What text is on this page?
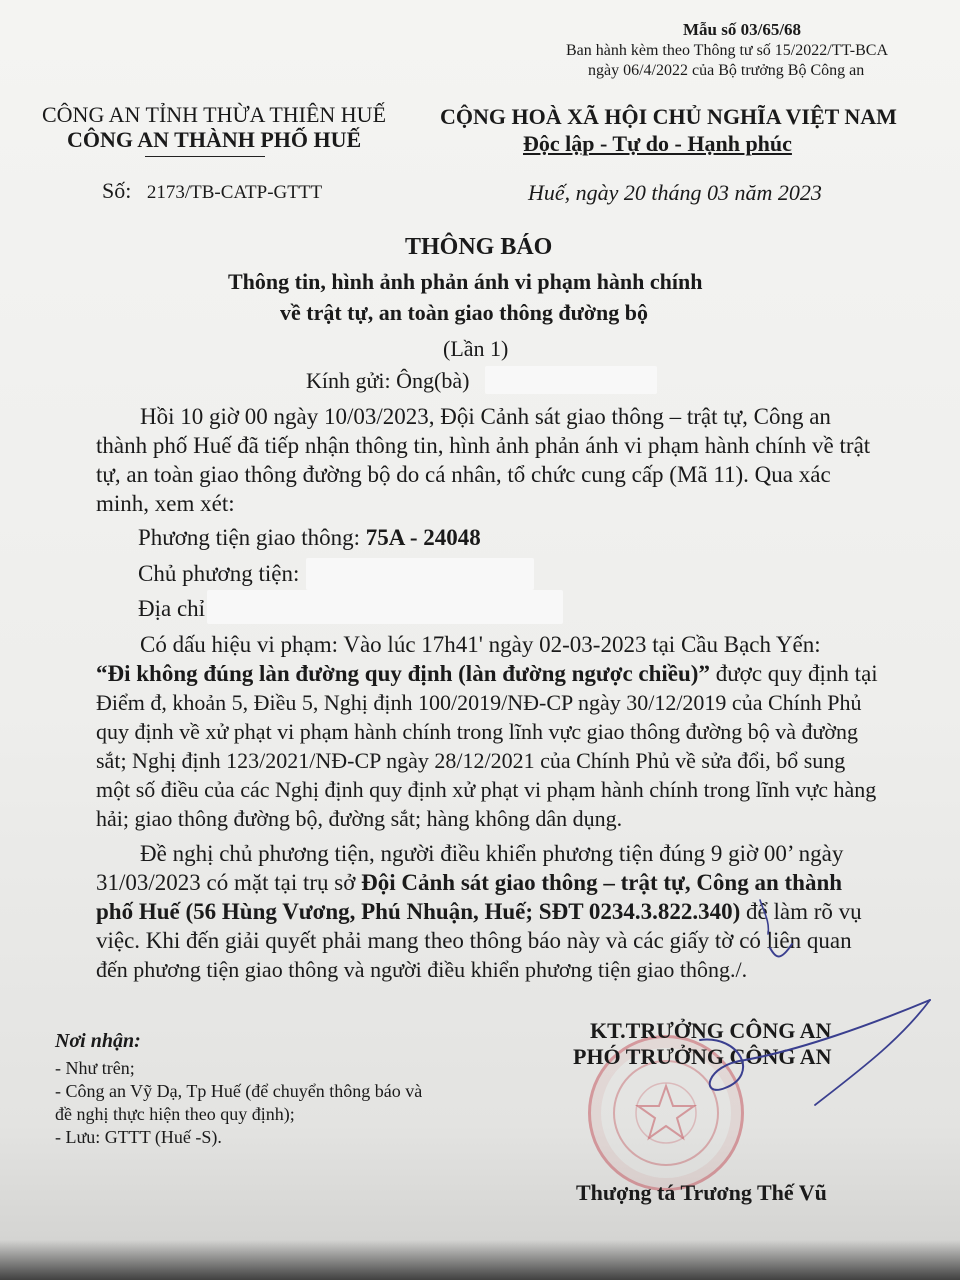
Mẫu số 03/65/68
Ban hành kèm theo Thông tư số 15/2022/TT-BCA
ngày 06/4/2022 của Bộ trưởng Bộ Công an
CÔNG AN TỈNH THỪA THIÊN HUẾ
CÔNG AN THÀNH PHỐ HUẾ
Số: 2173/TB-CATP-GTTT
CỘNG HOÀ XÃ HỘI CHỦ NGHĨA VIỆT NAM
Độc lập - Tự do - Hạnh phúc
Huế, ngày 20 tháng 03 năm 2023
THÔNG BÁO
Thông tin, hình ảnh phản ánh vi phạm hành chính
về trật tự, an toàn giao thông đường bộ
(Lần 1)
Kính gửi: Ông(bà)
Hồi 10 giờ 00 ngày 10/03/2023, Đội Cảnh sát giao thông – trật tự, Công an
thành phố Huế đã tiếp nhận thông tin, hình ảnh phản ánh vi phạm hành chính về trật
tự, an toàn giao thông đường bộ do cá nhân, tổ chức cung cấp (Mã 11). Qua xác
minh, xem xét:
Phương tiện giao thông: 75A - 24048
Chủ phương tiện:
Địa chỉ
Có dấu hiệu vi phạm: Vào lúc 17h41' ngày 02-03-2023 tại Cầu Bạch Yến:
“Đi không đúng làn đường quy định (làn đường ngược chiều)” được quy định tại
Điểm đ, khoản 5, Điều 5, Nghị định 100/2019/NĐ-CP ngày 30/12/2019 của Chính Phủ
quy định về xử phạt vi phạm hành chính trong lĩnh vực giao thông đường bộ và đường
sắt; Nghị định 123/2021/NĐ-CP ngày 28/12/2021 của Chính Phủ về sửa đổi, bổ sung
một số điều của các Nghị định quy định xử phạt vi phạm hành chính trong lĩnh vực hàng
hải; giao thông đường bộ, đường sắt; hàng không dân dụng.
Đề nghị chủ phương tiện, người điều khiển phương tiện đúng 9 giờ 00’ ngày
31/03/2023 có mặt tại trụ sở Đội Cảnh sát giao thông – trật tự, Công an thành
phố Huế (56 Hùng Vương, Phú Nhuận, Huế; SĐT 0234.3.822.340) để làm rõ vụ
việc. Khi đến giải quyết phải mang theo thông báo này và các giấy tờ có liên quan
đến phương tiện giao thông và người điều khiển phương tiện giao thông./.
Nơi nhận:
- Như trên;
- Công an Vỹ Dạ, Tp Huế (để chuyển thông báo và
đề nghị thực hiện theo quy định);
- Lưu: GTTT (Huế -S).
KT.TRƯỞNG CÔNG AN
PHÓ TRƯỞNG CÔNG AN
Thượng tá Trương Thế Vũ
